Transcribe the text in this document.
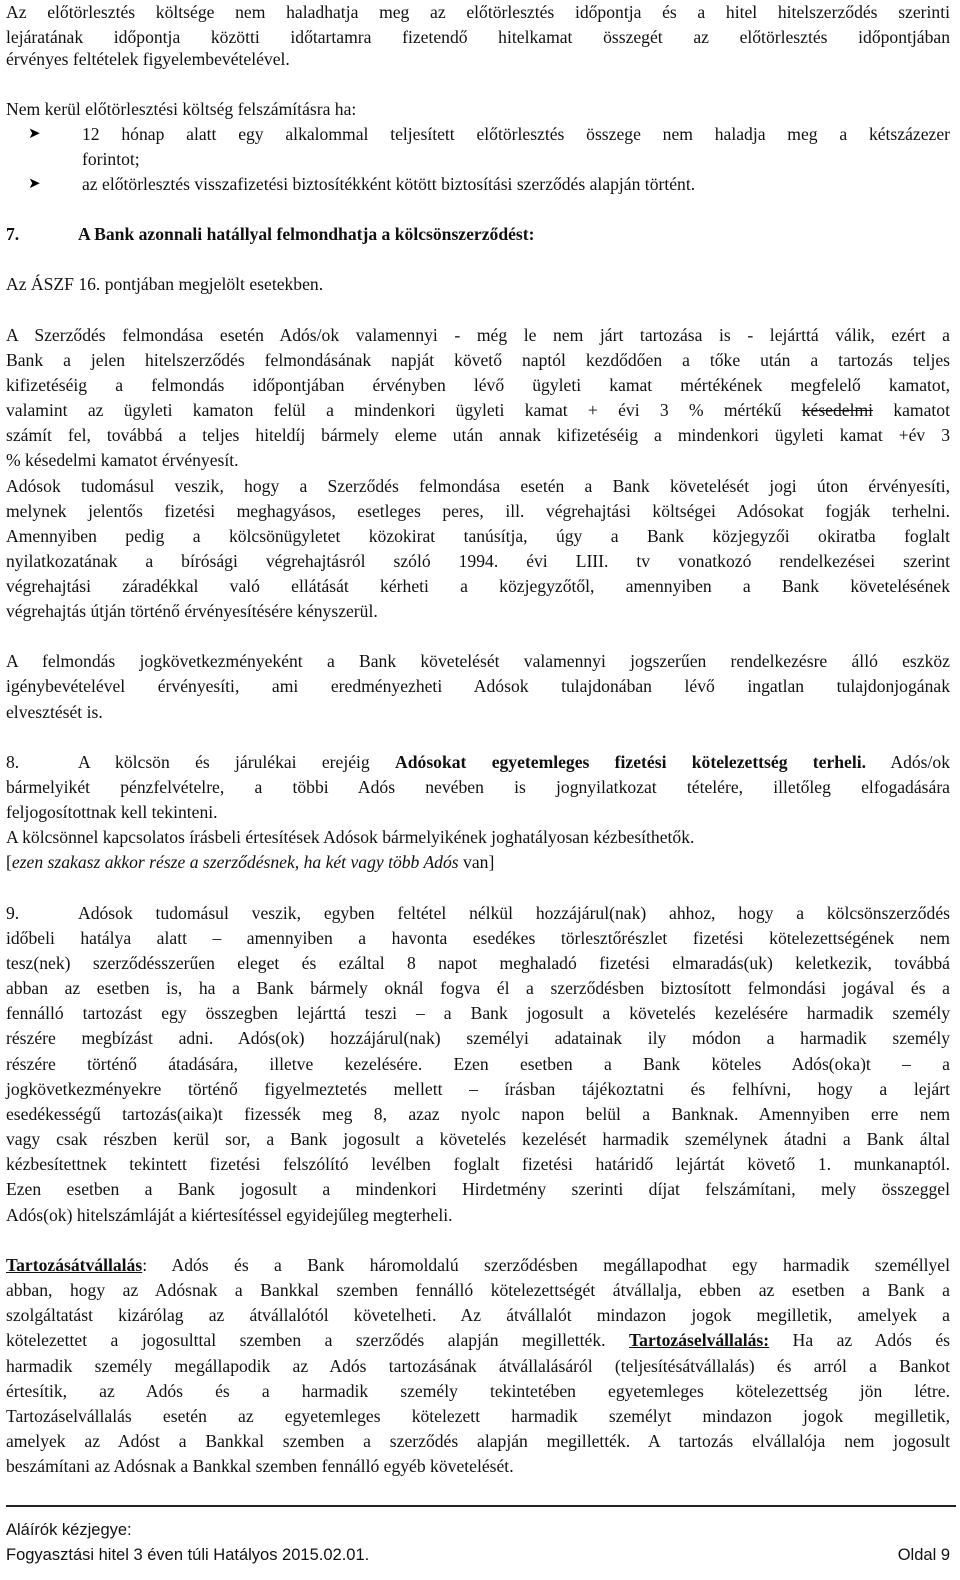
Az előtörlesztés költsége nem haladhatja meg az előtörlesztés időpontja és a hitel hitelszerződés szerinti
lejáratának időpontja közötti időtartamra fizetendő hitelkamat összegét az előtörlesztés időpontjában
érvényes feltételek figyelembevételével.
Nem kerül előtörlesztési költség felszámításra ha:
➤ 12 hónap alatt egy alkalommal teljesített előtörlesztés összege nem haladja meg a kétszázezer
forintot;
➤ az előtörlesztés visszafizetési biztosítékként kötött biztosítási szerződés alapján történt.
7.	A Bank azonnali hatállyal felmondhatja a kölcsönszerződést:
Az ÁSZF 16. pontjában megjelölt esetekben.
A Szerződés felmondása esetén Adós/ok valamennyi - még le nem járt tartozása is - lejárttá válik, ezért a
Bank a jelen hitelszerződés felmondásának napját követő naptól kezdődően a tőke után a tartozás teljes
kifizetéséig a felmondás időpontjában érvényben lévő ügyleti kamat mértékének megfelelő kamatot,
valamint az ügyleti kamaton felül a mindenkori ügyleti kamat + évi 3 % mértékű késedelmi kamatot
számít fel, továbbá a teljes hiteldíj bármely eleme után annak kifizetéséig a mindenkori ügyleti kamat +év 3
% késedelmi kamatot érvényesít.
Adósok tudomásul veszik, hogy a Szerződés felmondása esetén a Bank követelését jogi úton érvényesíti,
melynek jelentős fizetési meghagyásos, esetleges peres, ill. végrehajtási költségei Adósokat fogják terhelni.
Amennyiben pedig a kölcsönügyletet közokirat tanúsítja, úgy a Bank közjegyzői okiratba foglalt
nyilatkozatának a bírósági végrehajtásról szóló 1994. évi LIII. tv vonatkozó rendelkezései szerint
végrehajtási záradékkal való ellátását kérheti a közjegyzőtől, amennyiben a Bank követelésének
végrehajtás útján történő érvényesítésére kényszerül.
A felmondás jogkövetkezményeként a Bank követelését valamennyi jogszerűen rendelkezésre álló eszköz
igénybevételével érvényesíti, ami eredményezheti Adósok tulajdonában lévő ingatlan tulajdonjogának
elvesztését is.
8.	A kölcsön és járulékai erejéig Adósokat egyetemleges fizetési kötelezettség terheli. Adós/ok
bármelyikét pénzfelvételre, a többi Adós nevében is jognyilatkozat tételére, illetőleg elfogadására
feljogosítottnak kell tekinteni.
A kölcsönnel kapcsolatos írásbeli értesítések Adósok bármelyikének joghatályosan kézbesíthetők.
[ezen szakasz akkor része a szerződésnek, ha két vagy több Adós van]
9.	Adósok tudomásul veszik, egyben feltétel nélkül hozzájárul(nak) ahhoz, hogy a kölcsönszerződés
időbeli hatálya alatt – amennyiben a havonta esedékes törlesztőrészlet fizetési kötelezettségének nem
tesz(nek) szerződésszerűen eleget és ezáltal 8 napot meghaladó fizetési elmaradás(uk) keletkezik, továbbá
abban az esetben is, ha a Bank bármely oknál fogva él a szerződésben biztosított felmondási jogával és a
fennálló tartozást egy összegben lejárttá teszi – a Bank jogosult a követelés kezelésére harmadik személy
részére megbízást adni. Adós(ok) hozzájárul(nak) személyi adatainak ily módon a harmadik személy
részére történő átadására, illetve kezelésére. Ezen esetben a Bank köteles Adós(oka)t – a
jogkövetkezményekre történő figyelmeztetés mellett – írásban tájékoztatni és felhívni, hogy a lejárt
esedékességű tartozás(aika)t fizessék meg 8, azaz nyolc napon belül a Banknak. Amennyiben erre nem
vagy csak részben kerül sor, a Bank jogosult a követelés kezelését harmadik személynek átadni a Bank által
kézbesítettnek tekintett fizetési felszólító levélben foglalt fizetési határidő lejártát követő 1. munkanaptól.
Ezen esetben a Bank jogosult a mindenkori Hirdetmény szerinti díjat felszámítani, mely összeggel
Adós(ok) hitelszámláját a kiértesítéssel egyidejűleg megterheli.
Tartozásátvállalás: Adós és a Bank háromoldalú szerződésben megállapodhat egy harmadik személlyel
abban, hogy az Adósnak a Bankkal szemben fennálló kötelezettségét átvállalja, ebben az esetben a Bank a
szolgáltatást kizárólag az átvállalótól követelheti. Az átvállalót mindazon jogok megilletik, amelyek a
kötelezettet a jogosulttal szemben a szerződés alapján megillették. Tartozáselvállalás: Ha az Adós és
harmadik személy megállapodik az Adós tartozásának átvállalásáról (teljesítésátvállalás) és arról a Bankot
értesítik, az Adós és a harmadik személy tekintetében egyetemleges kötelezettség jön létre.
Tartozáselvállalás esetén az egyetemleges kötelezett harmadik személyt mindazon jogok megilletik,
amelyek az Adóst a Bankkal szemben a szerződés alapján megillették. A tartozás elvállalója nem jogosult
beszámítani az Adósnak a Bankkal szemben fennálló egyéb követelését.
Aláírók kézjegye:
Fogyasztási hitel 3 éven túli Hatályos 2015.02.01.	Oldal 9
